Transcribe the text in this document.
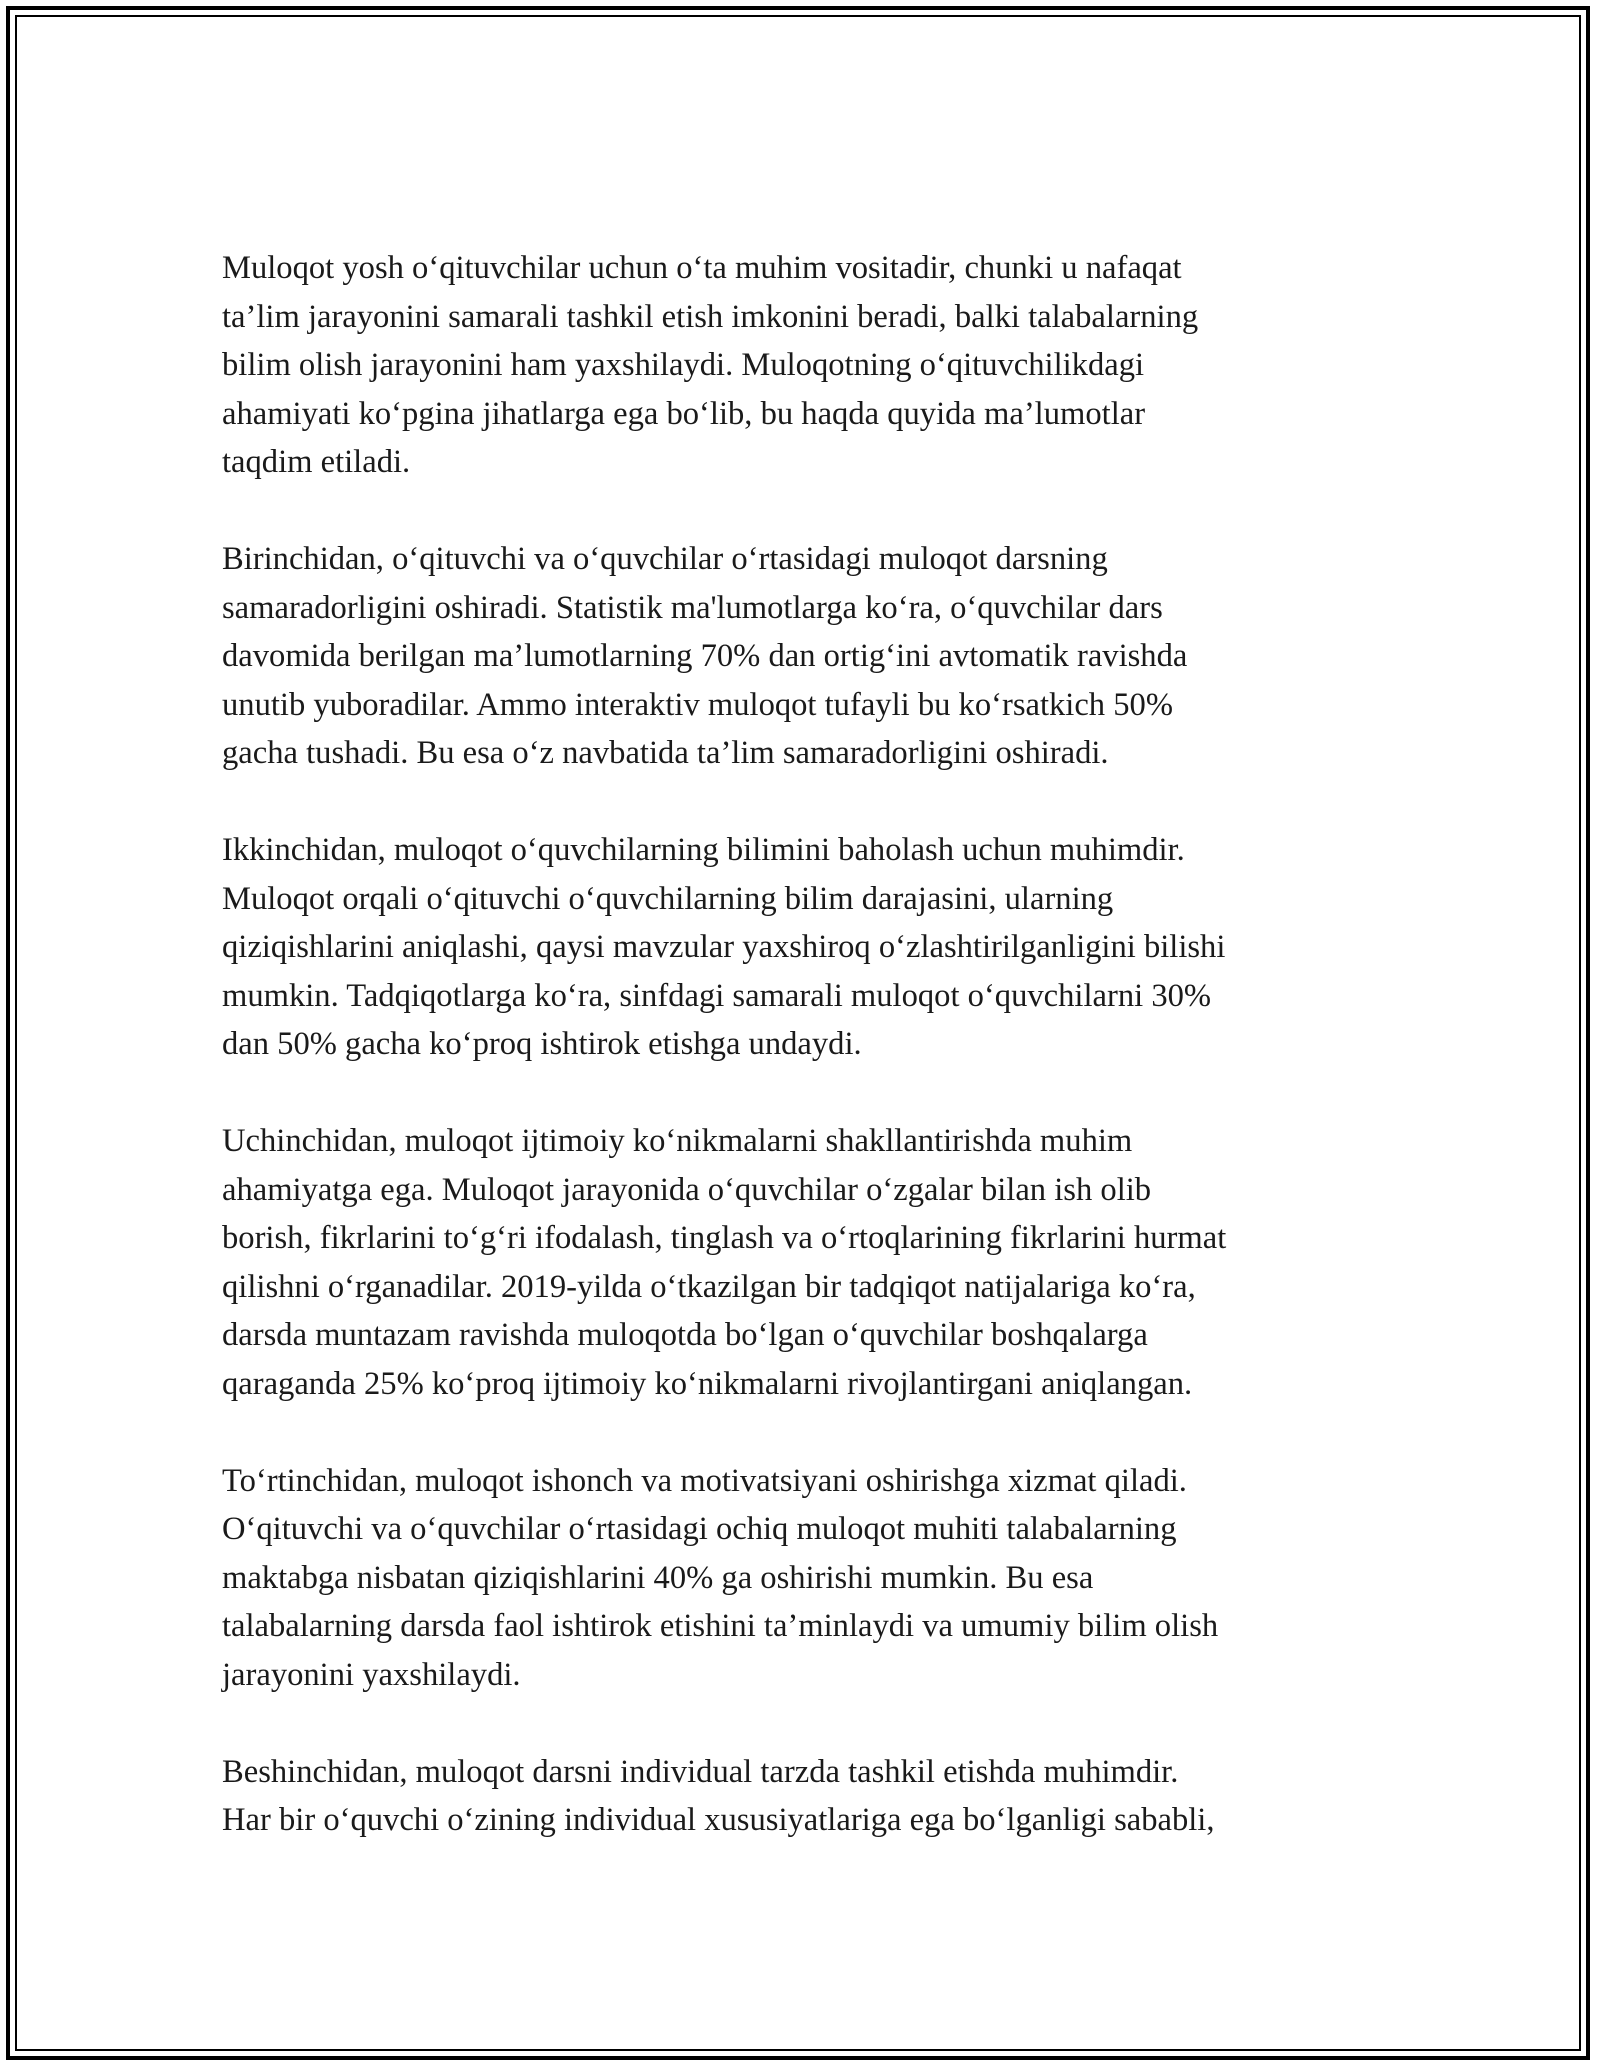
Muloqot yosh o‘qituvchilar uchun o‘ta muhim vositadir, chunki u nafaqat
ta’lim jarayonini samarali tashkil etish imkonini beradi, balki talabalarning
bilim olish jarayonini ham yaxshilaydi. Muloqotning o‘qituvchilikdagi
ahamiyati ko‘pgina jihatlarga ega bo‘lib, bu haqda quyida ma’lumotlar
taqdim etiladi.

Birinchidan, o‘qituvchi va o‘quvchilar o‘rtasidagi muloqot darsning
samaradorligini oshiradi. Statistik ma'lumotlarga ko‘ra, o‘quvchilar dars
davomida berilgan ma’lumotlarning 70% dan ortig‘ini avtomatik ravishda
unutib yuboradilar. Ammo interaktiv muloqot tufayli bu ko‘rsatkich 50%
gacha tushadi. Bu esa o‘z navbatida ta’lim samaradorligini oshiradi.

Ikkinchidan, muloqot o‘quvchilarning bilimini baholash uchun muhimdir.
Muloqot orqali o‘qituvchi o‘quvchilarning bilim darajasini, ularning
qiziqishlarini aniqlashi, qaysi mavzular yaxshiroq o‘zlashtirilganligini bilishi
mumkin. Tadqiqotlarga ko‘ra, sinfdagi samarali muloqot o‘quvchilarni 30%
dan 50% gacha ko‘proq ishtirok etishga undaydi.

Uchinchidan, muloqot ijtimoiy ko‘nikmalarni shakllantirishda muhim
ahamiyatga ega. Muloqot jarayonida o‘quvchilar o‘zgalar bilan ish olib
borish, fikrlarini to‘g‘ri ifodalash, tinglash va o‘rtoqlarining fikrlarini hurmat
qilishni o‘rganadilar. 2019-yilda o‘tkazilgan bir tadqiqot natijalariga ko‘ra,
darsda muntazam ravishda muloqotda bo‘lgan o‘quvchilar boshqalarga
qaraganda 25% ko‘proq ijtimoiy ko‘nikmalarni rivojlantirgani aniqlangan.

To‘rtinchidan, muloqot ishonch va motivatsiyani oshirishga xizmat qiladi.
O‘qituvchi va o‘quvchilar o‘rtasidagi ochiq muloqot muhiti talabalarning
maktabga nisbatan qiziqishlarini 40% ga oshirishi mumkin. Bu esa
talabalarning darsda faol ishtirok etishini ta’minlaydi va umumiy bilim olish
jarayonini yaxshilaydi.

Beshinchidan, muloqot darsni individual tarzda tashkil etishda muhimdir.
Har bir o‘quvchi o‘zining individual xususiyatlariga ega bo‘lganligi sababli,
